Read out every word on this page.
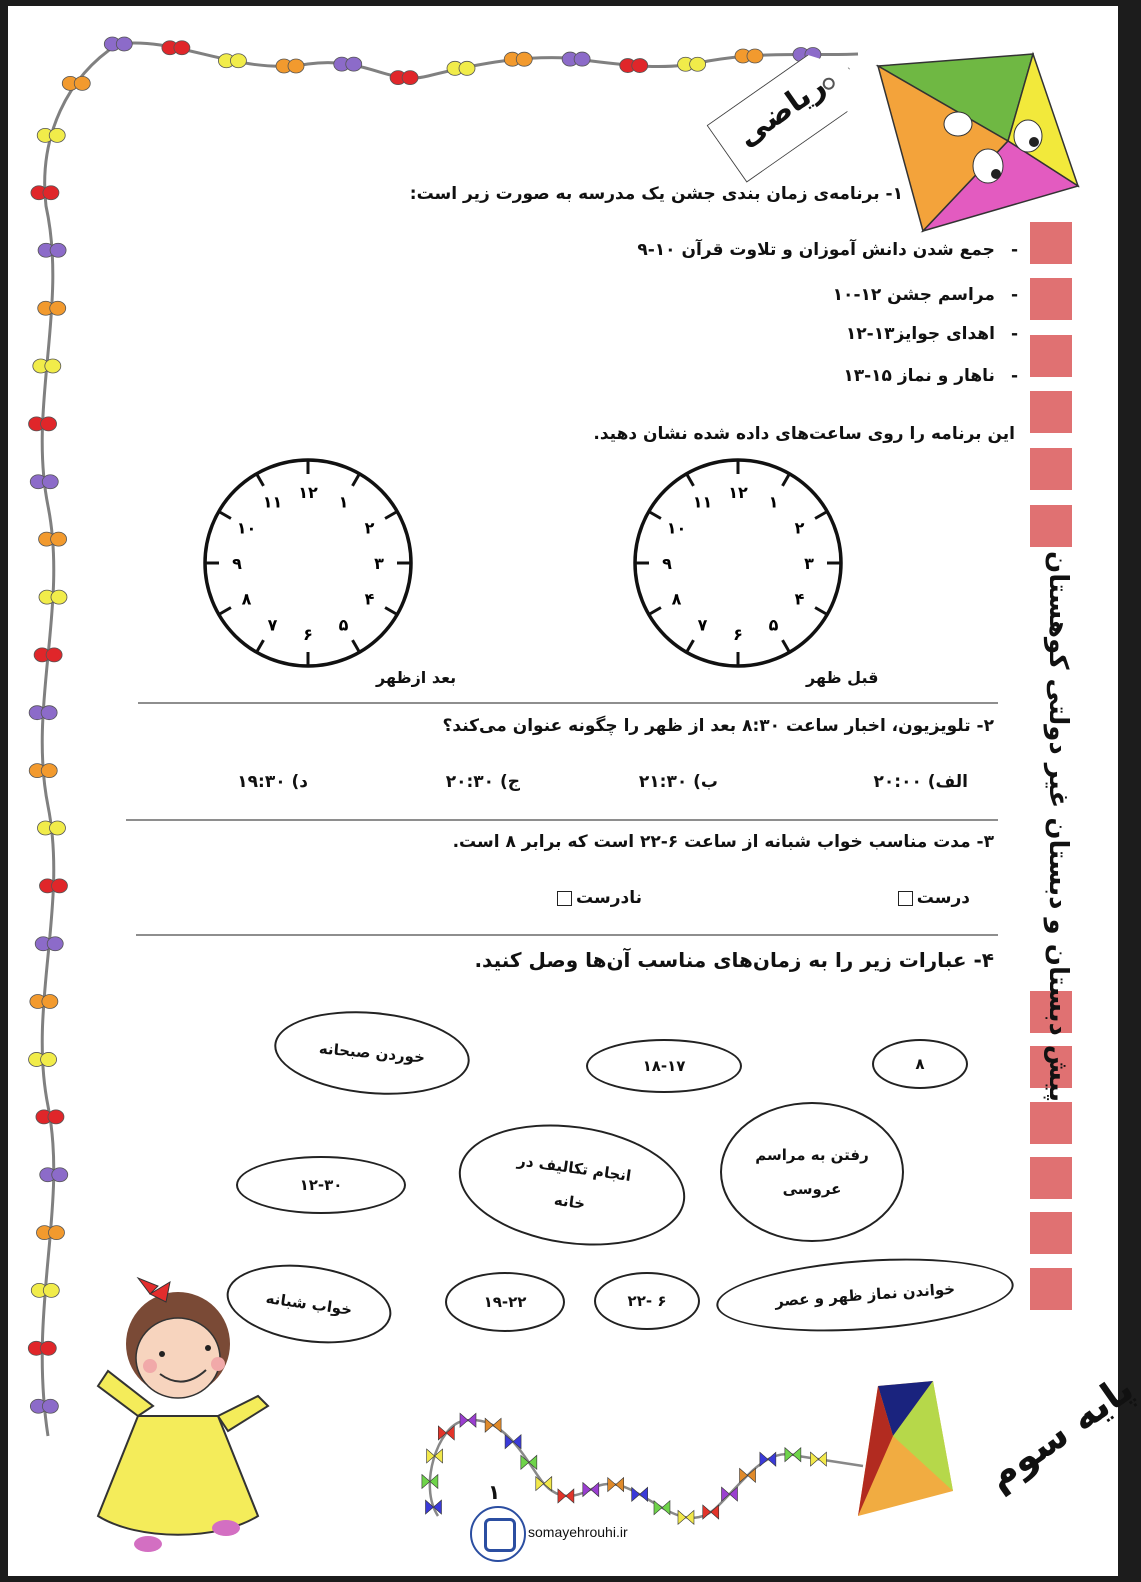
ریاضی
پیش دبستان و دبستان غیر دولتی کوهستان
۱- برنامه‌ی زمان بندی جشن یک مدرسه به صورت زیر است:
-جمع شدن دانش آموزان و تلاوت قرآن ۱۰-۹
-مراسم جشن ۱۲-۱۰
-اهدای جوایز۱۳-۱۲
-ناهار و نماز ۱۵-۱۳
این برنامه را روی ساعت‌های داده شده نشان دهید.
۱۲
۱
۲
۳
۴
۵
۶
۷
۸
۹
۱۰
۱۱
قبل ظهر
۱۲
۱
۲
۳
۴
۵
۶
۷
۸
۹
۱۰
۱۱
بعد ازظهر
۲- تلویزیون، اخبار ساعت ۸:۳۰ بعد از ظهر را چگونه عنوان می‌کند؟
الف) ۲۰:۰۰
ب) ۲۱:۳۰
ج) ۲۰:۳۰
د) ۱۹:۳۰
۳- مدت مناسب خواب شبانه از ساعت ۶-۲۲ است که برابر ۸ است.
درست
نادرست
۴- عبارات زیر را به زمان‌های مناسب آن‌ها وصل کنید.
خوردن صبحانه	۱۸-۱۷	۸
۱۲-۳۰
انجام تکالیف در خانه
رفتن به مراسم عروسی
خواب شبانه	۱۹-۲۲	۶ -۲۲	خواندن نماز ظهر و عصر
پایه سوم
۱
somayehrouhi.ir
